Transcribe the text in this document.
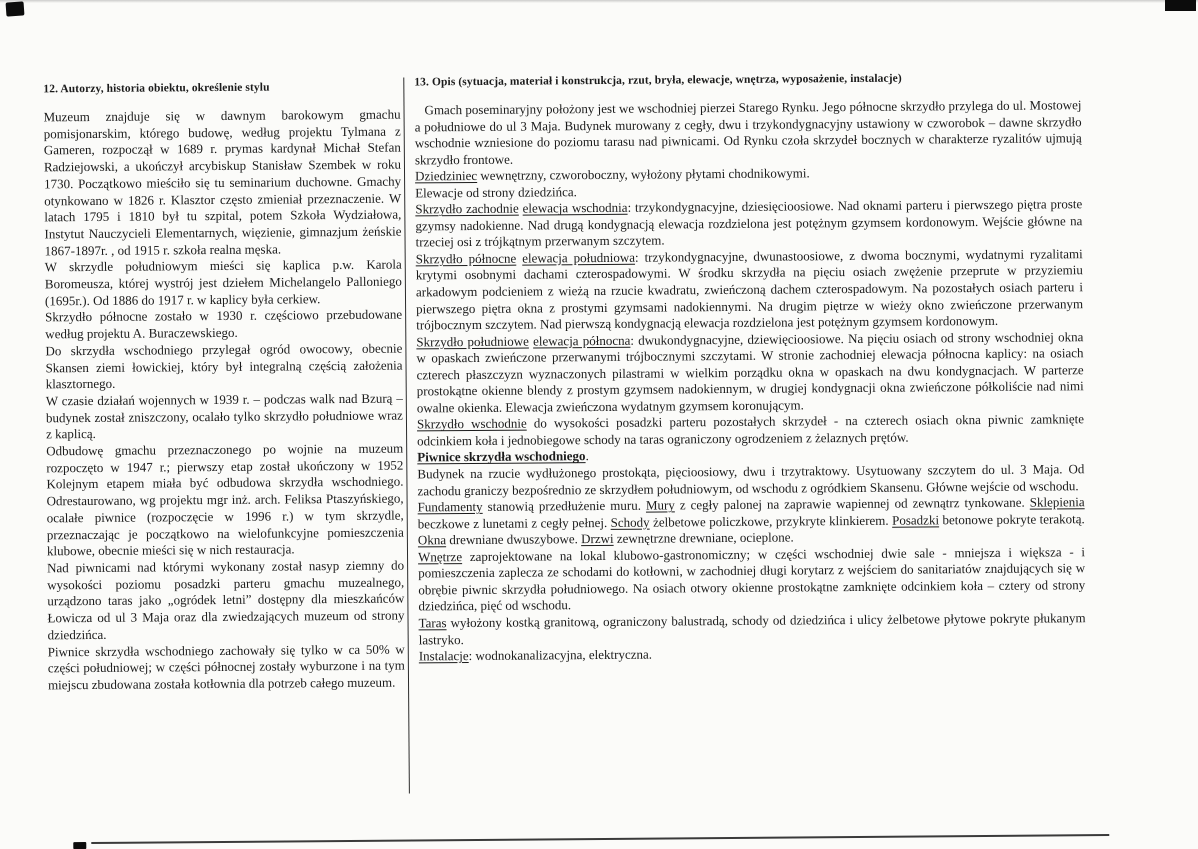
12. Autorzy, historia obiektu, określenie stylu

Muzeum znajduje się w dawnym barokowym gmachu pomisjonarskim, którego budowę, według projektu Tylmana z Gameren, rozpoczął w 1689 r. prymas kardynał Michał Stefan Radziejowski, a ukończył arcybiskup Stanisław Szembek w roku 1730. Początkowo mieściło się tu seminarium duchowne. Gmachy otynkowano w 1826 r. Klasztor często zmieniał przeznaczenie. W latach 1795 i 1810 był tu szpital, potem Szkoła Wydziałowa, Instytut Nauczycieli Elementarnych, więzienie, gimnazjum żeńskie 1867-1897r. , od 1915 r. szkoła realna męska.

W skrzydle południowym mieści się kaplica p.w. Karola Boromeusza, której wystrój jest dziełem Michelangelo Palloniego (1695r.). Od 1886 do 1917 r. w kaplicy była cerkiew.

Skrzydło północne zostało w 1930 r. częściowo przebudowane według projektu A. Buraczewskiego.

Do skrzydła wschodniego przylegał ogród owocowy, obecnie Skansen ziemi łowickiej, który był integralną częścią założenia klasztornego.

W czasie działań wojennych w 1939 r. – podczas walk nad Bzurą – budynek został zniszczony, ocalało tylko skrzydło południowe wraz z kaplicą.

Odbudowę gmachu przeznaczonego po wojnie na muzeum rozpoczęto w 1947 r.; pierwszy etap został ukończony w 1952 Kolejnym etapem miała być odbudowa skrzydła wschodniego. Odrestaurowano, wg projektu mgr inż. arch. Feliksa Ptaszyńskiego, ocalałe piwnice (rozpoczęcie w 1996 r.) w tym skrzydle, przeznaczając je początkowo na wielofunkcyjne pomieszczenia klubowe, obecnie mieści się w nich restauracja.

Nad piwnicami nad którymi wykonany został nasyp ziemny do wysokości poziomu posadzki parteru gmachu muzealnego, urządzono taras jako „ogródek letni” dostępny dla mieszkańców Łowicza od ul 3 Maja oraz dla zwiedzających muzeum od strony dziedzińca.

Piwnice skrzydła wschodniego zachowały się tylko w ca 50% w części południowej; w części północnej zostały wyburzone i na tym miejscu zbudowana została kotłownia dla potrzeb całego muzeum.

13. Opis (sytuacja, materiał i konstrukcja, rzut, bryła, elewacje, wnętrza, wyposażenie, instalacje)

Gmach poseminaryjny położony jest we wschodniej pierzei Starego Rynku. Jego północne skrzydło przylega do ul. Mostowej a południowe do ul 3 Maja. Budynek murowany z cegły, dwu i trzykondygnacyjny ustawiony w czworobok – dawne skrzydło wschodnie wzniesione do poziomu tarasu nad piwnicami. Od Rynku czoła skrzydeł bocznych w charakterze ryzalitów ujmują skrzydło frontowe.

Dziedziniec wewnętrzny, czworoboczny, wyłożony płytami chodnikowymi.

Elewacje od strony dziedzińca.

Skrzydło zachodnie elewacja wschodnia: trzykondygnacyjne, dziesięcioosiowe. Nad oknami parteru i pierwszego piętra proste gzymsy nadokienne. Nad drugą kondygnacją elewacja rozdzielona jest potężnym gzymsem kordonowym. Wejście główne na trzeciej osi z trójkątnym przerwanym szczytem.

Skrzydło północne elewacja południowa: trzykondygnacyjne, dwunastoosiowe, z dwoma bocznymi, wydatnymi ryzalitami krytymi osobnymi dachami czterospadowymi. W środku skrzydła na pięciu osiach zwężenie przeprute w przyziemiu arkadowym podcieniem z wieżą na rzucie kwadratu, zwieńczoną dachem czterospadowym. Na pozostałych osiach parteru i pierwszego piętra okna z prostymi gzymsami nadokiennymi. Na drugim piętrze w wieży okno zwieńczone przerwanym trójbocznym szczytem. Nad pierwszą kondygnacją elewacja rozdzielona jest potężnym gzymsem kordonowym.

Skrzydło południowe elewacja północna: dwukondygnacyjne, dziewięcioosiowe. Na pięciu osiach od strony wschodniej okna w opaskach zwieńczone przerwanymi trójbocznymi szczytami. W stronie zachodniej elewacja północna kaplicy: na osiach czterech płaszczyzn wyznaczonych pilastrami w wielkim porządku okna w opaskach na dwu kondygnacjach. W parterze prostokątne okienne blendy z prostym gzymsem nadokiennym, w drugiej kondygnacji okna zwieńczone półkoliście nad nimi owalne okienka. Elewacja zwieńczona wydatnym gzymsem koronującym.

Skrzydło wschodnie do wysokości posadzki parteru pozostałych skrzydeł - na czterech osiach okna piwnic zamknięte odcinkiem koła i jednobiegowe schody na taras ograniczony ogrodzeniem z żelaznych prętów.

Piwnice skrzydła wschodniego.

Budynek na rzucie wydłużonego prostokąta, pięcioosiowy, dwu i trzytraktowy. Usytuowany szczytem do ul. 3 Maja. Od zachodu graniczy bezpośrednio ze skrzydłem południowym, od wschodu z ogródkiem Skansenu. Główne wejście od wschodu.

Fundamenty stanowią przedłużenie muru. Mury z cegły palonej na zaprawie wapiennej od zewnątrz tynkowane. Sklepienia beczkowe z lunetami z cegły pełnej. Schody żelbetowe policzkowe, przykryte klinkierem. Posadzki betonowe pokryte terakotą. Okna drewniane dwuszybowe. Drzwi zewnętrzne drewniane, ocieplone.

Wnętrze zaprojektowane na lokal klubowo-gastronomiczny; w części wschodniej dwie sale - mniejsza i większa - i pomieszczenia zaplecza ze schodami do kotłowni, w zachodniej długi korytarz z wejściem do sanitariatów znajdujących się w obrębie piwnic skrzydła południowego. Na osiach otwory okienne prostokątne zamknięte odcinkiem koła – cztery od strony dziedzińca, pięć od wschodu.

Taras wyłożony kostką granitową, ograniczony balustradą, schody od dziedzińca i ulicy żelbetowe płytowe pokryte płukanym lastryko.

Instalacje: wodnokanalizacyjna, elektryczna.
